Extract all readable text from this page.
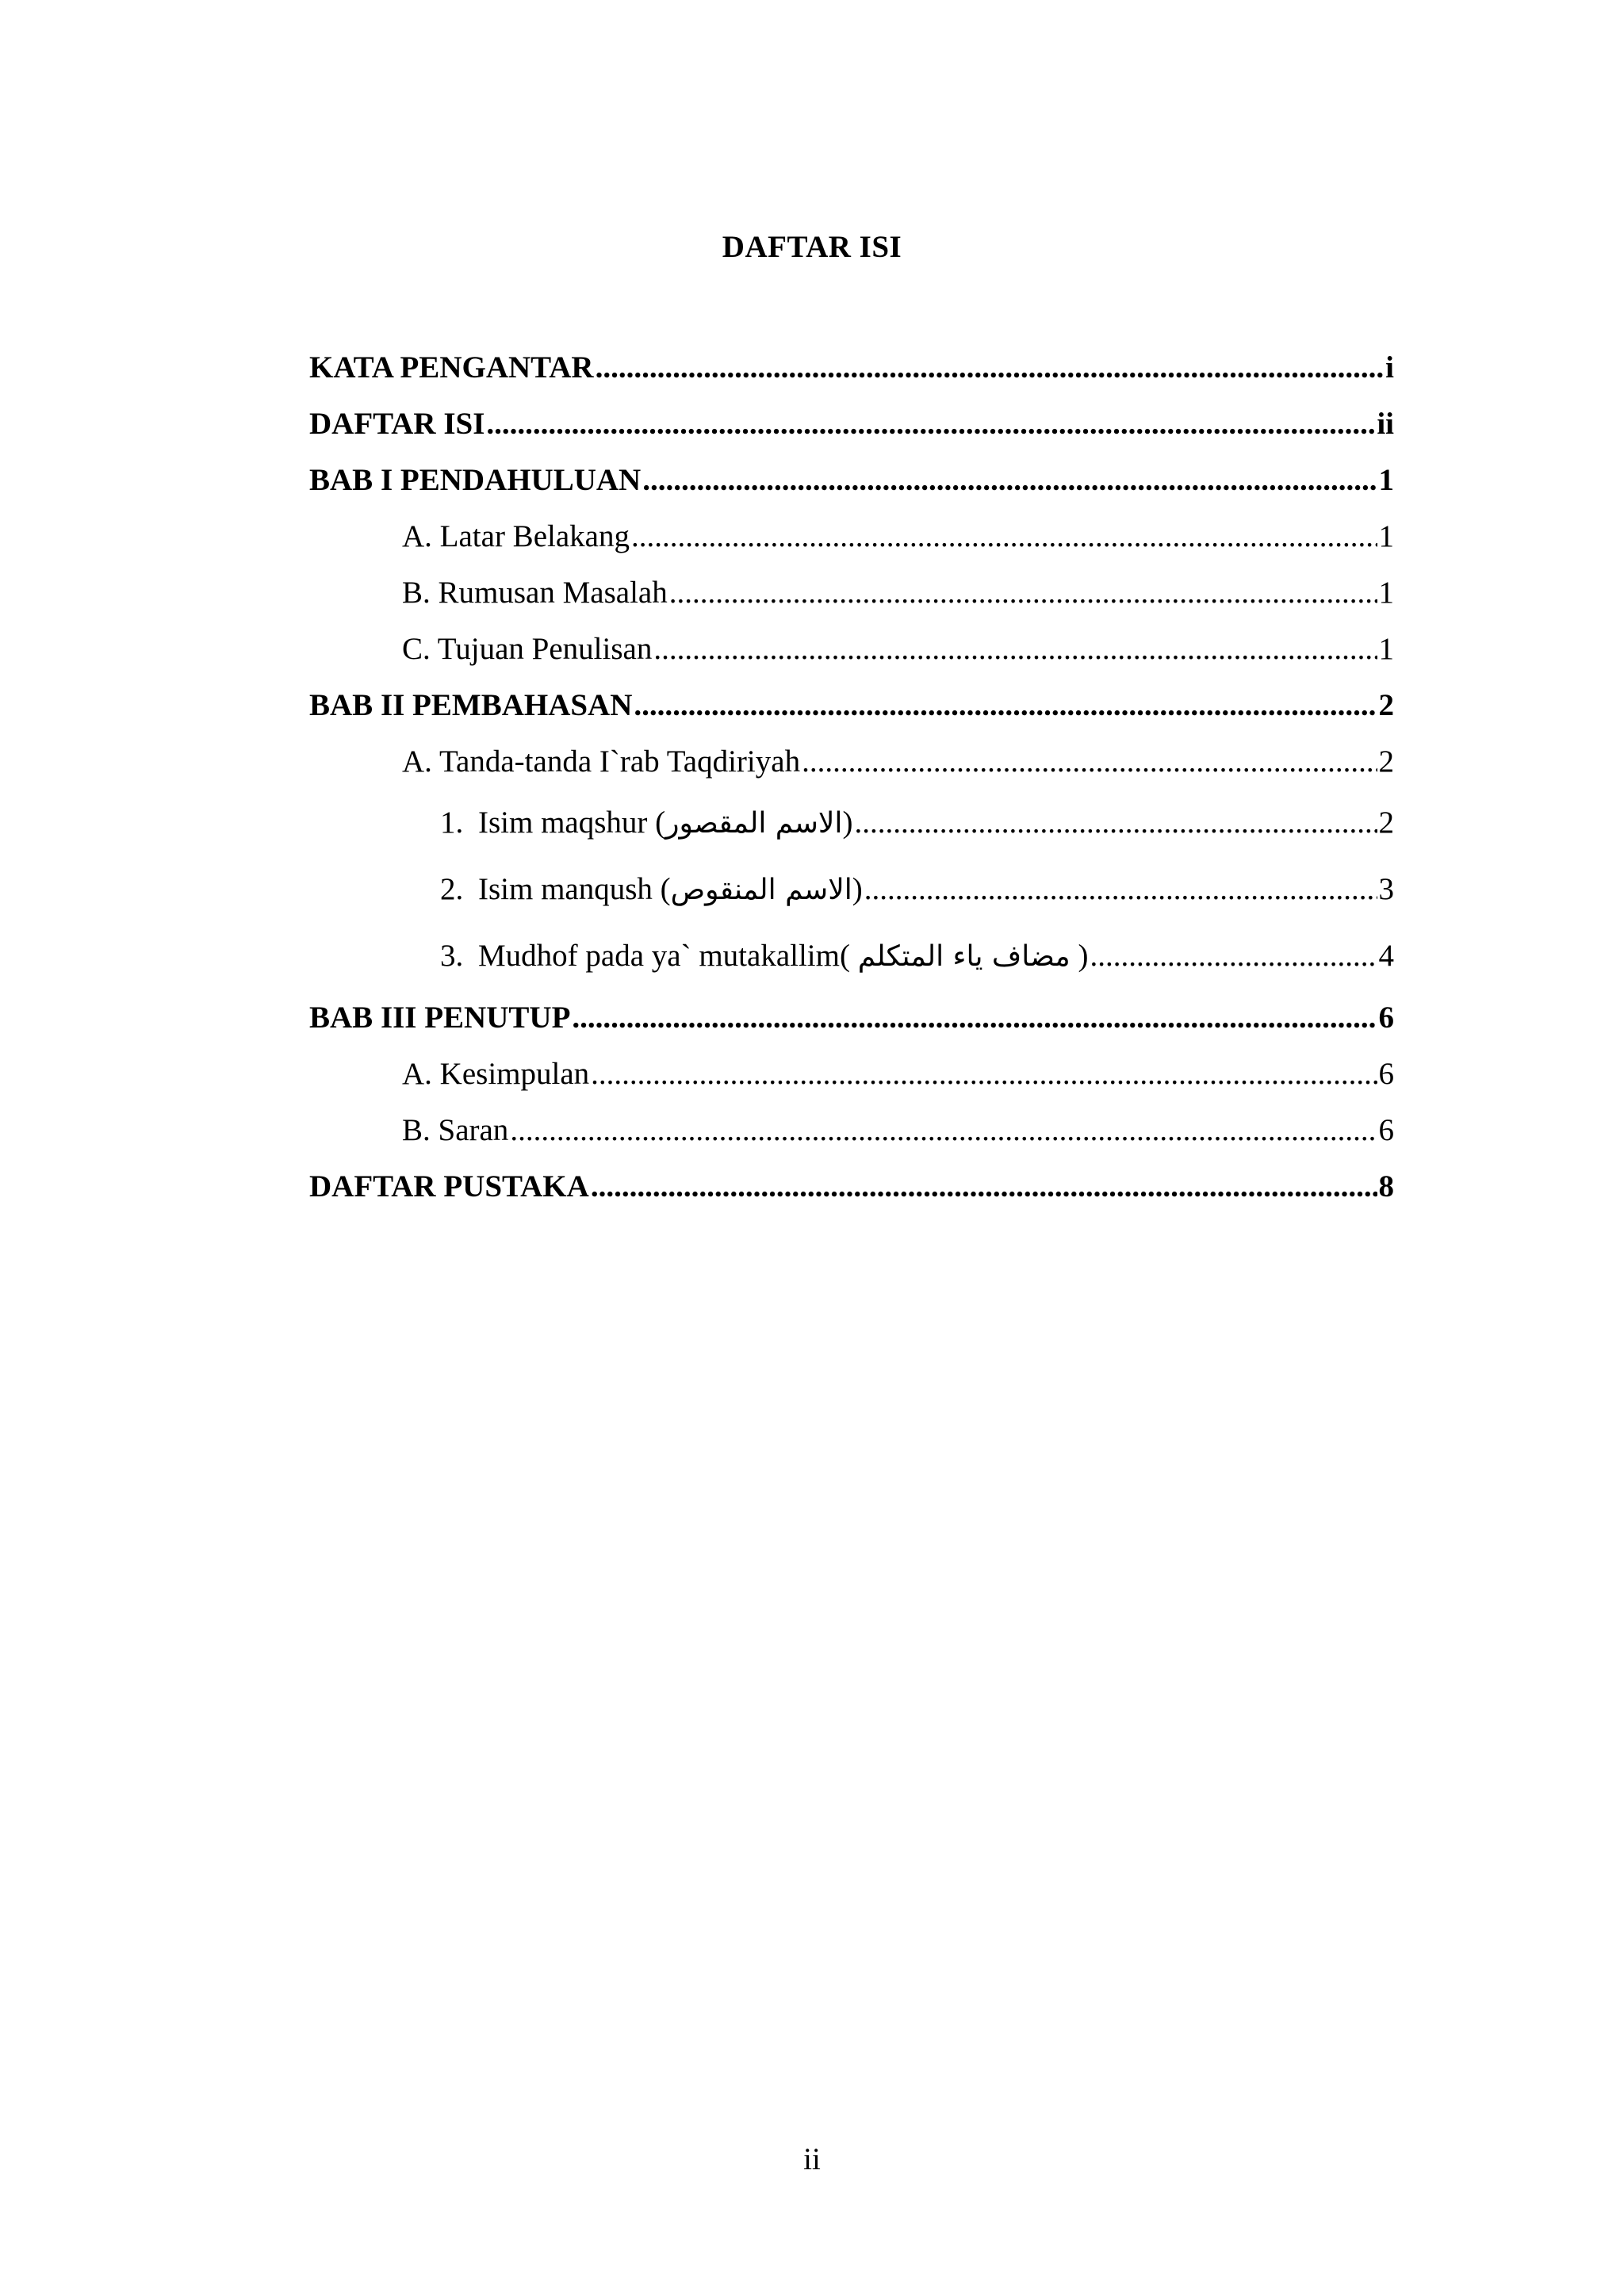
DAFTAR ISI
KATA PENGANTAR .....	i
DAFTAR ISI .....	ii
BAB I PENDAHULUAN .....	1
A. Latar Belakang .....	1
B. Rumusan Masalah .....	1
C. Tujuan Penulisan .....	1
BAB II PEMBAHASAN .....	2
A. Tanda-tanda I`rab Taqdiriyah .....	2
1. Isim maqshur (الاسم المقصور) .....	2
2. Isim manqush (الاسم المنقوص) .....	3
3. Mudhof pada ya` mutakallim( مضاف ياء المتكلم ) .....	4
BAB III PENUTUP .....	6
A. Kesimpulan .....	6
B. Saran .....	6
DAFTAR PUSTAKA .....	8
ii
